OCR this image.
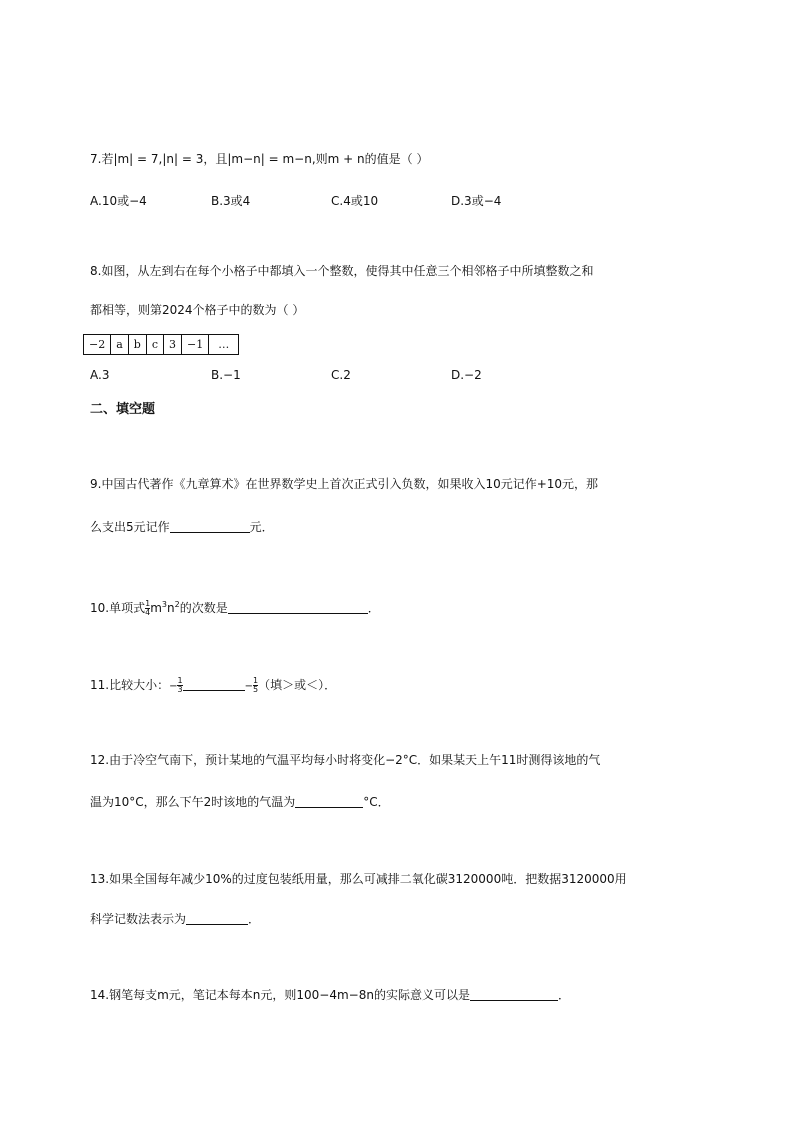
7.若|m| = 7,|n| = 3，且|m−n| = m−n,则m + n的值是（ ）
A.10或−4	B.3或4	C.4或10	D.3或−4
8.如图，从左到右在每个小格子中都填入一个整数，使得其中任意三个相邻格子中所填整数之和
都相等，则第2024个格子中的数为（ ）
−2	a	b	c	3	−1	…
A.3	B.−1	C.2	D.−2
二、填空题
9.中国古代著作《九章算术》在世界数学史上首次正式引入负数，如果收入10元记作+10元，那
么支出5元记作	元．
10.单项式 $\frac{1}{4} m^3n^2$的次数是	．
11.比较大小：− $\frac{1}{3}$	− $\frac{1}{5}$ （填＞或＜）．
12.由于冷空气南下，预计某地的气温平均每小时将变化−2°C．如果某天上午11时测得该地的气
温为10°C，那么下午2时该地的气温为	°C．
13.如果全国每年减少10%的过度包装纸用量，那么可减排二氧化碳3120000吨．把数据3120000用
科学记数法表示为	．
14.钢笔每支m元，笔记本每本n元，则100−4m−8n的实际意义可以是	．
